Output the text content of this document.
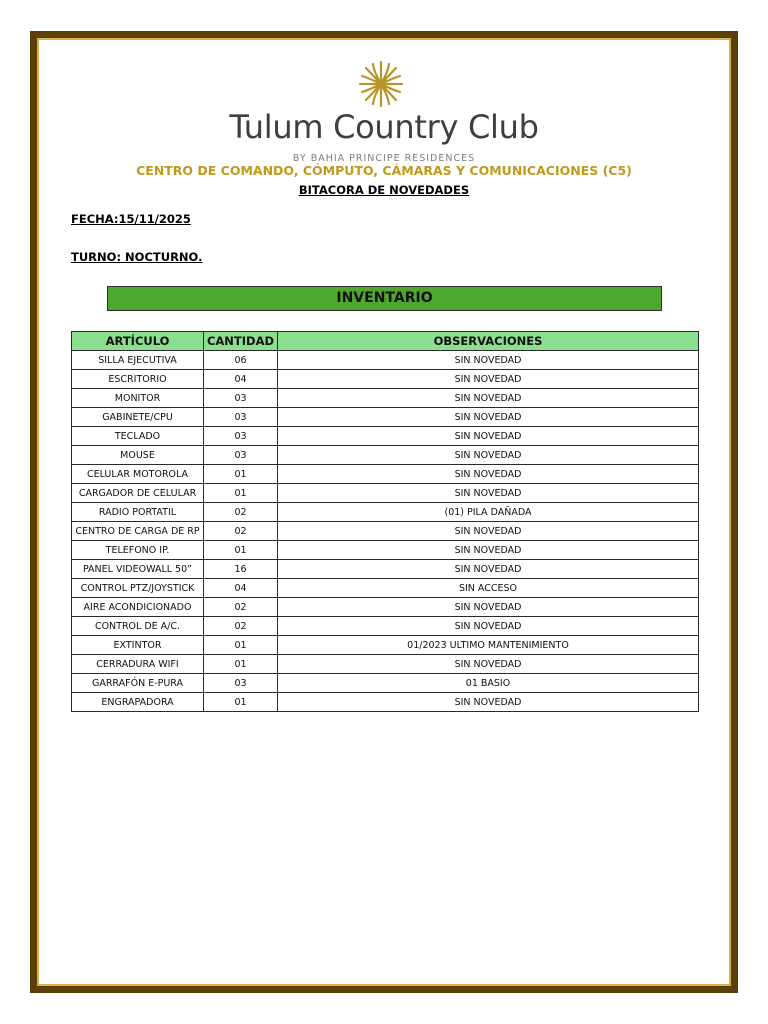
Tulum Country Club
BY BAHIA PRINCIPE RESIDENCES
CENTRO DE COMANDO, CÓMPUTO, CÁMARAS Y COMUNICACIONES (C5)
BITACORA DE NOVEDADES
FECHA:15/11/2025
TURNO: NOCTURNO.
INVENTARIO
ARTÍCULO	CANTIDAD	OBSERVACIONES
SILLA EJECUTIVA	06	SIN NOVEDAD
ESCRITORIO	04	SIN NOVEDAD
MONITOR	03	SIN NOVEDAD
GABINETE/CPU	03	SIN NOVEDAD
TECLADO	03	SIN NOVEDAD
MOUSE	03	SIN NOVEDAD
CELULAR MOTOROLA	01	SIN NOVEDAD
CARGADOR DE CELULAR	01	SIN NOVEDAD
RADIO PORTATIL	02	(01) PILA DAÑADA
CENTRO DE CARGA DE RP	02	SIN NOVEDAD
TELEFONO IP.	01	SIN NOVEDAD
PANEL VIDEOWALL 50”	16	SIN NOVEDAD
CONTROL PTZ/JOYSTICK	04	SIN ACCESO
AIRE ACONDICIONADO	02	SIN NOVEDAD
CONTROL DE A/C.	02	SIN NOVEDAD
EXTINTOR	01	01/2023 ULTIMO MANTENIMIENTO
CERRADURA WIFI	01	SIN NOVEDAD
GARRAFÓN E-PURA	03	01 BASIO
ENGRAPADORA	01	SIN NOVEDAD
